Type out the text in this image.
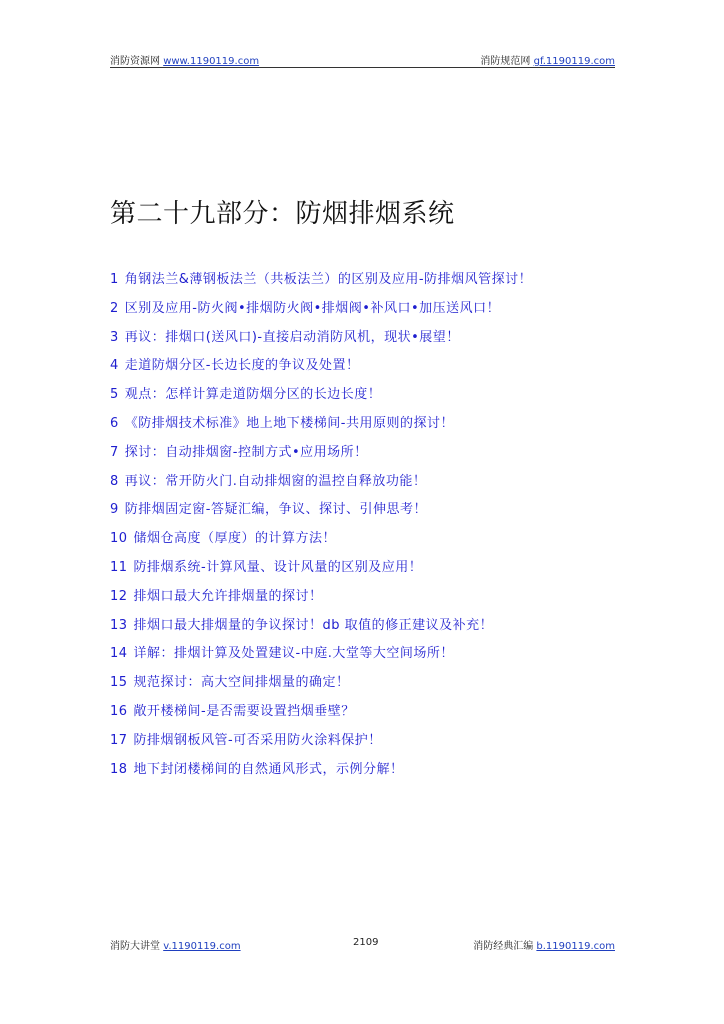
消防资源网 www.1190119.com	消防规范网 gf.1190119.com
第二十九部分：防烟排烟系统
1 角钢法兰&薄钢板法兰（共板法兰）的区别及应用-防排烟风管探讨！
2 区别及应用-防火阀•排烟防火阀•排烟阀•补风口•加压送风口！
3 再议：排烟口(送风口)-直接启动消防风机，现状•展望！
4 走道防烟分区-长边长度的争议及处置！
5 观点：怎样计算走道防烟分区的长边长度！
6 《防排烟技术标准》地上地下楼梯间-共用原则的探讨！
7 探讨：自动排烟窗-控制方式•应用场所！
8 再议：常开防火门.自动排烟窗的温控自释放功能！
9 防排烟固定窗-答疑汇编，争议、探讨、引伸思考！
10 储烟仓高度（厚度）的计算方法！
11 防排烟系统-计算风量、设计风量的区别及应用！
12 排烟口最大允许排烟量的探讨！
13 排烟口最大排烟量的争议探讨！db 取值的修正建议及补充！
14 详解：排烟计算及处置建议-中庭.大堂等大空间场所！
15 规范探讨：高大空间排烟量的确定！
16 敞开楼梯间-是否需要设置挡烟垂壁？
17 防排烟钢板风管-可否采用防火涂料保护！
18 地下封闭楼梯间的自然通风形式，示例分解！
消防大讲堂 v.1190119.com	2109	消防经典汇编 b.1190119.com
